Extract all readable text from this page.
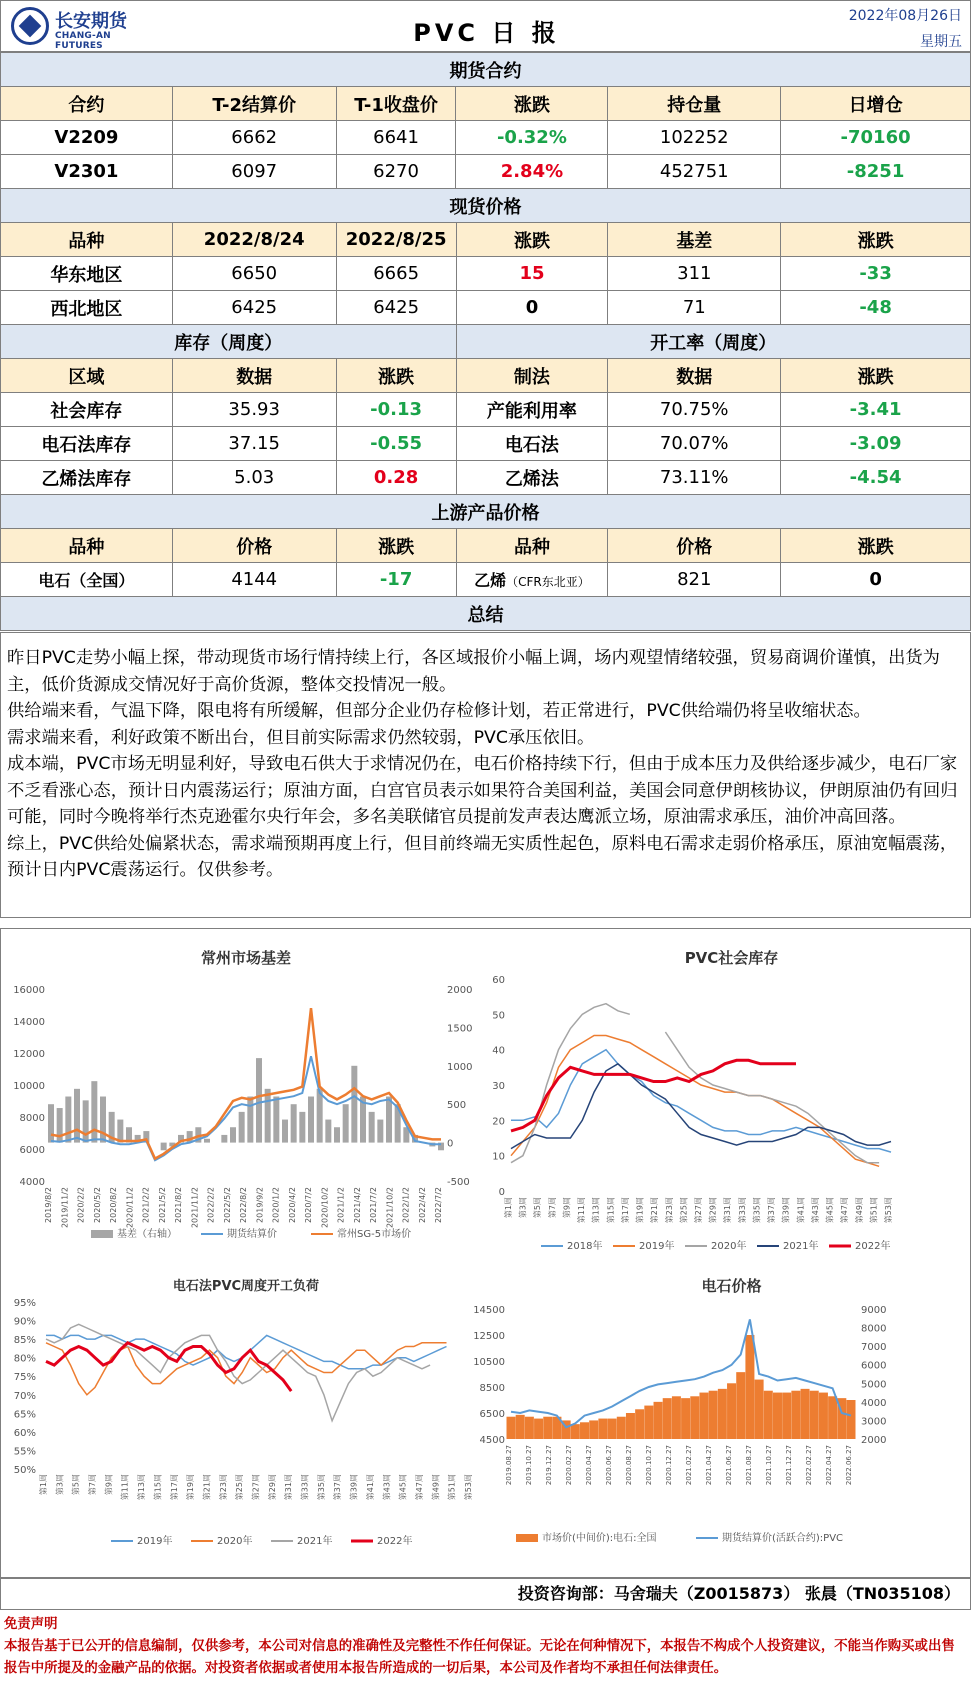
长安期货
CHANG-AN FUTURES	PVC 日 报
2022年08月26日
星期五
期货合约					
合约	T-2结算价	T-1收盘价	涨跌	持仓量	日增仓
V2209	6662	6641	-0.32%	102252	-70160
V2301	6097	6270	2.84%	452751	-8251
现货价格					
品种	2022/8/24	2022/8/25	涨跌	基差	涨跌
华东地区	6650	6665	15	311	-33
西北地区	6425	6425	0	71	-48
库存（周度）			开工率（周度）		
区域	数据	涨跌	制法	数据	涨跌
社会库存	35.93	-0.13	产能利用率	70.75%	-3.41
电石法库存	37.15	-0.55	电石法	70.07%	-3.09
乙烯法库存	5.03	0.28	乙烯法	73.11%	-4.54
上游产品价格					
品种	价格	涨跌	品种	价格	涨跌
电石（全国）	4144	-17	乙烯（CFR东北亚）	821	0
总结

昨日PVC走势小幅上探，带动现货市场行情持续上行，各区域报价小幅上调，场内观望情绪较强，贸易商调价谨慎，出货为主，低价货源成交情况好于高价货源，整体交投情况一般。

供给端来看，气温下降，限电将有所缓解，但部分企业仍存检修计划，若正常进行，PVC供给端仍将呈收缩状态。

需求端来看，利好政策不断出台，但目前实际需求仍然较弱，PVC承压依旧。

成本端，PVC市场无明显利好，导致电石供大于求情况仍在，电石价格持续下行，但由于成本压力及供给逐步减少，电石厂家不乏看涨心态，预计日内震荡运行；原油方面，白宫官员表示如果符合美国利益，美国会同意伊朗核协议，伊朗原油仍有回归可能，同时今晚将举行杰克逊霍尔央行年会，多名美联储官员提前发声表达鹰派立场，原油需求承压，油价冲高回落。

综上，PVC供给处偏紧状态，需求端预期再度上行，但目前终端无实质性起色，原料电石需求走弱价格承压，原油宽幅震荡，预计日内PVC震荡运行。仅供参考。

常州市场基差
16000
14000
12000
10000
8000
6000
4000
2000
1500
1000
500
0
-500
2019/8/2 2019/11/2 2020/2/2 2020/5/2 2020/8/2 2020/11/2 2021/2/2 2021/5/2 2021/8/2 2021/11/2 2022/2/2 2022/5/2 2022/8/2 2019/9/2 2020/1/2 2020/4/2 2020/7/2 2020/10/2 2021/1/2 2021/4/2 2021/7/2 2021/10/2 2022/1/2 2022/4/2 2022/7/2
基差（右轴）	期货结算价	常州SG-5市场价
PVC社会库存
60
50
40
30
20
10
0
第1周 第3周 第5周 第7周 第9周 第11周 第13周 第15周 第17周 第19周 第21周 第23周 第25周 第27周 第29周 第31周 第33周 第35周 第37周 第39周 第41周 第43周 第45周 第47周 第49周 第51周 第53周
2018年	2019年	2020年	2021年	2022年
电石法PVC周度开工负荷
95%
90%
85%
80%
75%
70%
65%
60%
55%
50%
第1周 第3周 第5周 第7周 第9周 第11周 第13周 第15周 第17周 第19周 第21周 第23周 第25周 第27周 第29周 第31周 第33周 第35周 第37周 第39周 第41周 第43周 第45周 第47周 第49周 第51周 第53周
2019年	2020年	2021年	2022年
电石价格
14500
12500
10500
8500
6500
4500
9000
8000
7000
6000
5000
4000
3000
2000
2019.08.27 2019.10.27 2019.12.27 2020.02.27 2020.04.27 2020.06.27 2020.08.27 2020.10.27 2020.12.27 2021.02.27 2021.04.27 2021.06.27 2021.08.27 2021.10.27 2021.12.27 2022.02.27 2022.04.27 2022.06.27
市场价(中间价):电石:全国	期货结算价(活跃合约):PVC
投资咨询部：马舍瑞夫（Z0015873） 张晨（TN035108）
免责声明
本报告基于已公开的信息编制，仅供参考，本公司对信息的准确性及完整性不作任何保证。无论在何种情况下，本报告不构成个人投资建议，不能当作购买或出售报告中所提及的金融产品的依据。对投资者依据或者使用本报告所造成的一切后果，本公司及作者均不承担任何法律责任。
